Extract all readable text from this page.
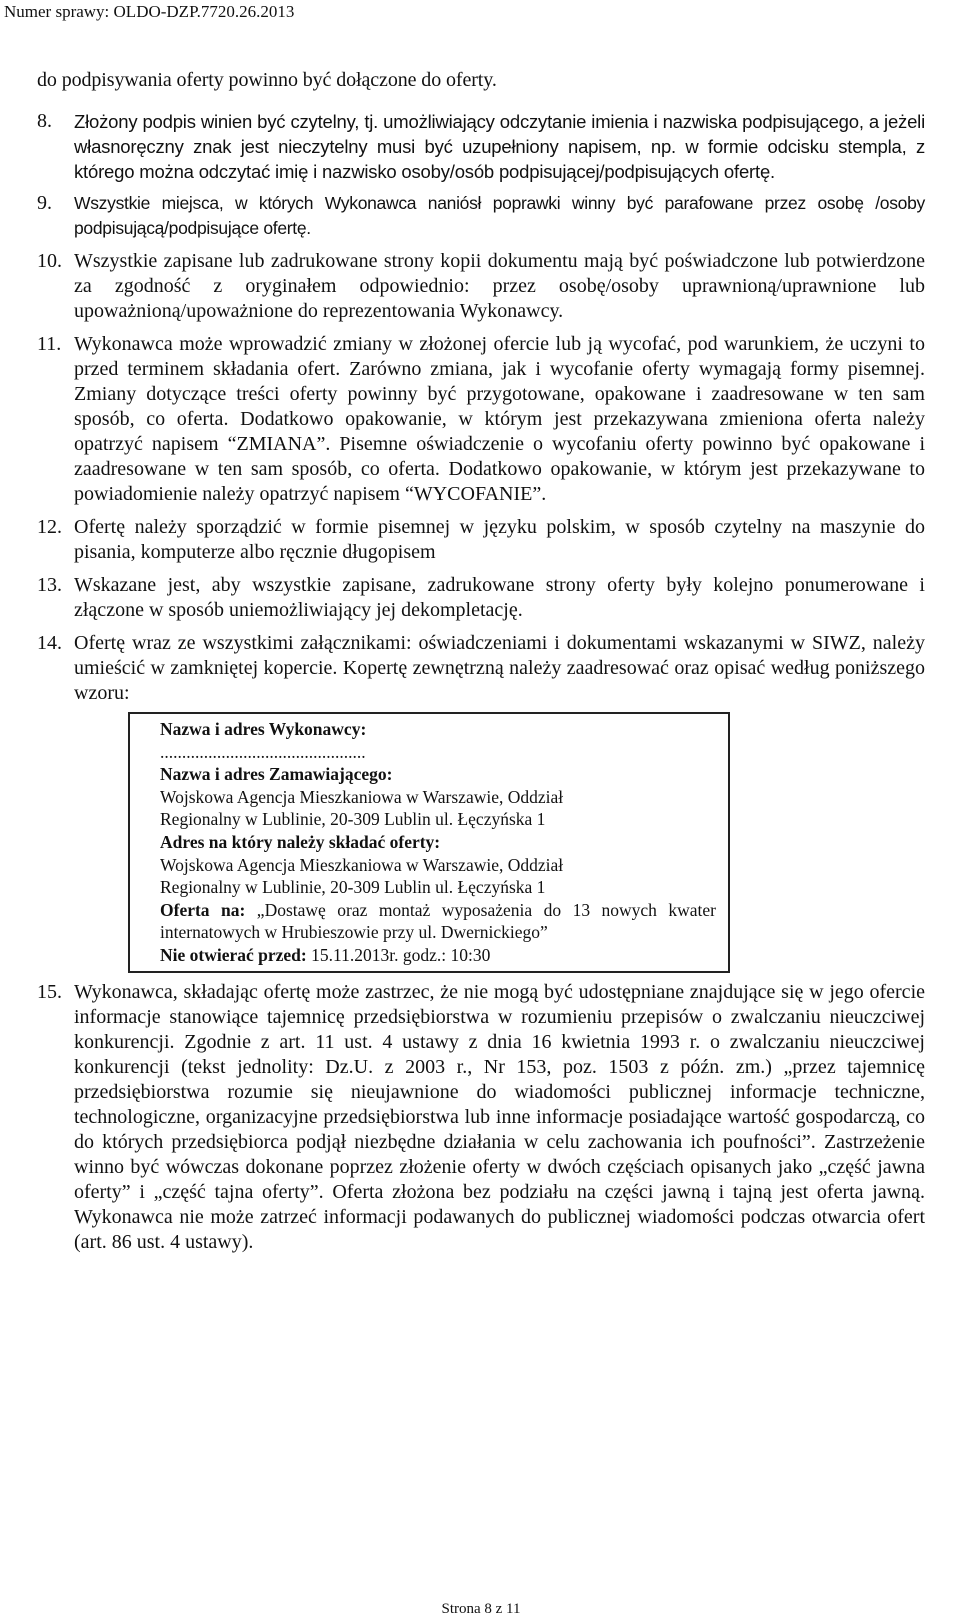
Numer sprawy: OLDO-DZP.7720.26.2013

do podpisywania oferty powinno być dołączone do oferty.

8.	Złożony podpis winien być czytelny, tj. umożliwiający odczytanie imienia i nazwiska podpisującego, a jeżeli własnoręczny znak jest nieczytelny musi być uzupełniony napisem, np. w formie odcisku stempla, z którego można odczytać imię i nazwisko osoby/osób podpisującej/podpisujących ofertę.
9.	Wszystkie miejsca, w których Wykonawca naniósł poprawki winny być parafowane przez osobę /osoby podpisującą/podpisujące ofertę.
10. Wszystkie zapisane lub zadrukowane strony kopii dokumentu mają być poświadczone lub potwierdzone za zgodność z oryginałem odpowiednio: przez osobę/osoby uprawnioną/uprawnione lub upoważnioną/upoważnione do reprezentowania Wykonawcy.
11. Wykonawca może wprowadzić zmiany w złożonej ofercie lub ją wycofać, pod warunkiem, że uczyni to przed terminem składania ofert. Zarówno zmiana, jak i wycofanie oferty wymagają formy pisemnej. Zmiany dotyczące treści oferty powinny być przygotowane, opakowane i zaadresowane w ten sam sposób, co oferta. Dodatkowo opakowanie, w którym jest przekazywana zmieniona oferta należy opatrzyć napisem “ZMIANA”. Pisemne oświadczenie o wycofaniu oferty powinno być opakowane i zaadresowane w ten sam sposób, co oferta. Dodatkowo opakowanie, w którym jest przekazywane to powiadomienie należy opatrzyć napisem “WYCOFANIE”.
12. Ofertę należy sporządzić w formie pisemnej w języku polskim, w sposób czytelny na maszynie do pisania, komputerze albo ręcznie długopisem
13. Wskazane jest, aby wszystkie zapisane, zadrukowane strony oferty były kolejno ponumerowane i złączone w sposób uniemożliwiający jej dekompletację.
14. Ofertę wraz ze wszystkimi załącznikami: oświadczeniami i dokumentami wskazanymi w SIWZ, należy umieścić w zamkniętej kopercie. Kopertę zewnętrzną należy zaadresować oraz opisać według poniższego wzoru:
Nazwa i adres Wykonawcy:
...............................................
Nazwa i adres Zamawiającego:
Wojskowa Agencja Mieszkaniowa w Warszawie, Oddział
Regionalny w Lublinie, 20-309 Lublin ul. Łęczyńska 1
Adres na który należy składać oferty:
Wojskowa Agencja Mieszkaniowa w Warszawie, Oddział
Regionalny w Lublinie, 20-309 Lublin ul. Łęczyńska 1
Oferta na: „Dostawę oraz montaż wyposażenia do 13 nowych kwater internatowych w Hrubieszowie przy ul. Dwernickiego”
Nie otwierać przed: 15.11.2013r. godz.: 10:30
15. Wykonawca, składając ofertę może zastrzec, że nie mogą być udostępniane znajdujące się w jego ofercie informacje stanowiące tajemnicę przedsiębiorstwa w rozumieniu przepisów o zwalczaniu nieuczciwej konkurencji. Zgodnie z art. 11 ust. 4 ustawy z dnia 16 kwietnia 1993 r. o zwalczaniu nieuczciwej konkurencji (tekst jednolity: Dz.U. z 2003 r., Nr 153, poz. 1503 z późn. zm.) „przez tajemnicę przedsiębiorstwa rozumie się nieujawnione do wiadomości publicznej informacje techniczne, technologiczne, organizacyjne przedsiębiorstwa lub inne informacje posiadające wartość gospodarczą, co do których przedsiębiorca podjął niezbędne działania w celu zachowania ich poufności”. Zastrzeżenie winno być wówczas dokonane poprzez złożenie oferty w dwóch częściach opisanych jako „część jawna oferty” i „część tajna oferty”. Oferta złożona bez podziału na części jawną i tajną jest oferta jawną. Wykonawca nie może zatrzeć informacji podawanych do publicznej wiadomości podczas otwarcia ofert (art. 86 ust. 4 ustawy).
Strona 8 z 11
